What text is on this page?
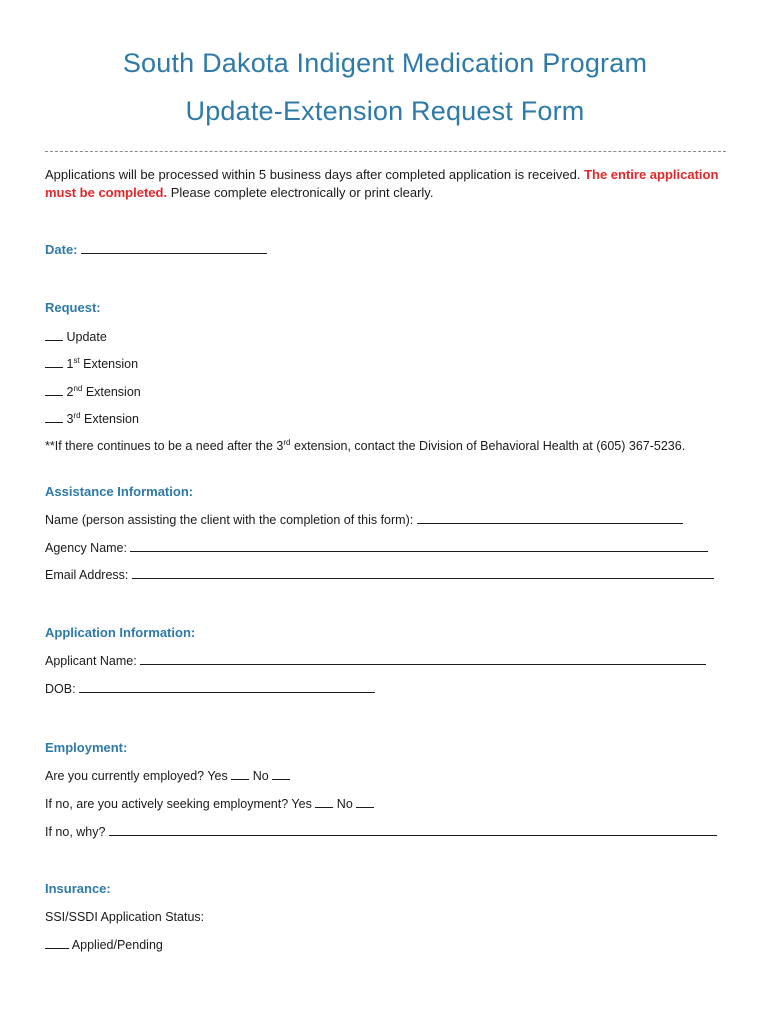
South Dakota Indigent Medication Program
Update-Extension Request Form
Applications will be processed within 5 business days after completed application is received. The entire application must be completed. Please complete electronically or print clearly.
Date:
Request:
Update
1st Extension
2nd Extension
3rd Extension
**If there continues to be a need after the 3rd extension, contact the Division of Behavioral Health at (605) 367-5236.
Assistance Information:
Name (person assisting the client with the completion of this form):
Agency Name:
Email Address:
Application Information:
Applicant Name:
DOB:
Employment:
Are you currently employed? Yes No
If no, are you actively seeking employment? Yes No
If no, why?
Insurance:
SSI/SSDI Application Status:
Applied/Pending
